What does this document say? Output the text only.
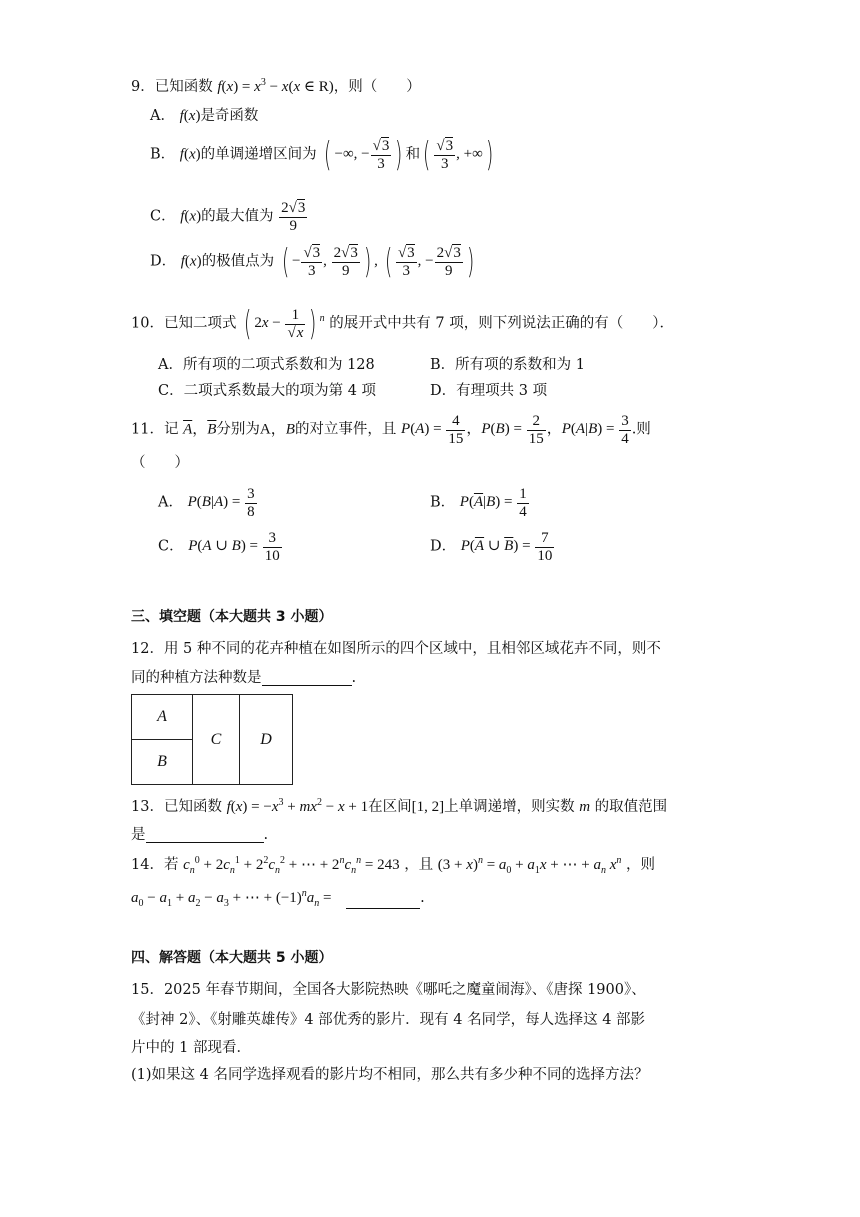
9．已知函数 $f(x) = x^3 - x(x$ ∈ R)，则（　　）
A． f(x)是奇函数
B． f(x)的单调递增区间为 ( −∞, − $\frac{√3}{3}$ ) 和( $\frac{√3}{3}$ , +∞)
C． f(x)的最大值为 $\frac{2√3}{9}$
D． f(x)的极值点为 ( − $\frac{√3}{3}$ , $\frac{2√3}{9}$ ) , ( $\frac{√3}{3}$ , − $\frac{2√3}{9}$ )
10．已知二项式 ( $2x - \frac{1}{√x}$ ) $^n$ 的展开式中共有 7 项，则下列说法正确的有（　　）．
A．所有项的二项式系数和为 128	B．所有项的系数和为 1
C．二项式系数最大的项为第 4 项	D．有理项共 3 项
11．记 $\overline{A}$，$\overline{B}$分别为A，B的对立事件，且 $P(A) = \frac{4}{15}$ ，$P(B) = \frac{2}{15}$ ，$P(A|B) = \frac{3}{4}$ .则
（　　）
A． $P(B|A) = \frac{3}{8}$	B． $P(\overline{A}|B) = \frac{1}{4}$
C． P(A ∪ $B) = \frac{3}{10}$	D． $P(\overline{A}$ ∪ $\overline{B}) = \frac{7}{10}$
三、填空题（本大题共 3 小题）
12．用 5 种不同的花卉种植在如图所示的四个区域中，且相邻区域花卉不同，则不
同的种植方法种数是	.
A	C	D
B
13．已知函数 $f(x) = -x^3 + mx^2 - x + 1$在区间[1, 2]上单调递增，则实数 m 的取值范围
是	.
14．若 $c_n^0 + 2c_n^1 + 2^2c_n^2$ + ⋯ + $2^nc_n^n = 243$ ，且 $(3 + x)^n = a_0 + a_1x$ + ⋯ + $a_n$ $x^n$ ，则
$a_0 - a_1 + a_2 - a_3$ + ⋯ + $(-1)^na_n$ =	.
四、解答题（本大题共 5 小题）
15．2025 年春节期间，全国各大影院热映《哪吒之魔童闹海》、《唐探 1900》、
《封神 2》、《射雕英雄传》4 部优秀的影片．现有 4 名同学，每人选择这 4 部影
片中的 1 部现看．
(1)如果这 4 名同学选择观看的影片均不相同，那么共有多少种不同的选择方法？
